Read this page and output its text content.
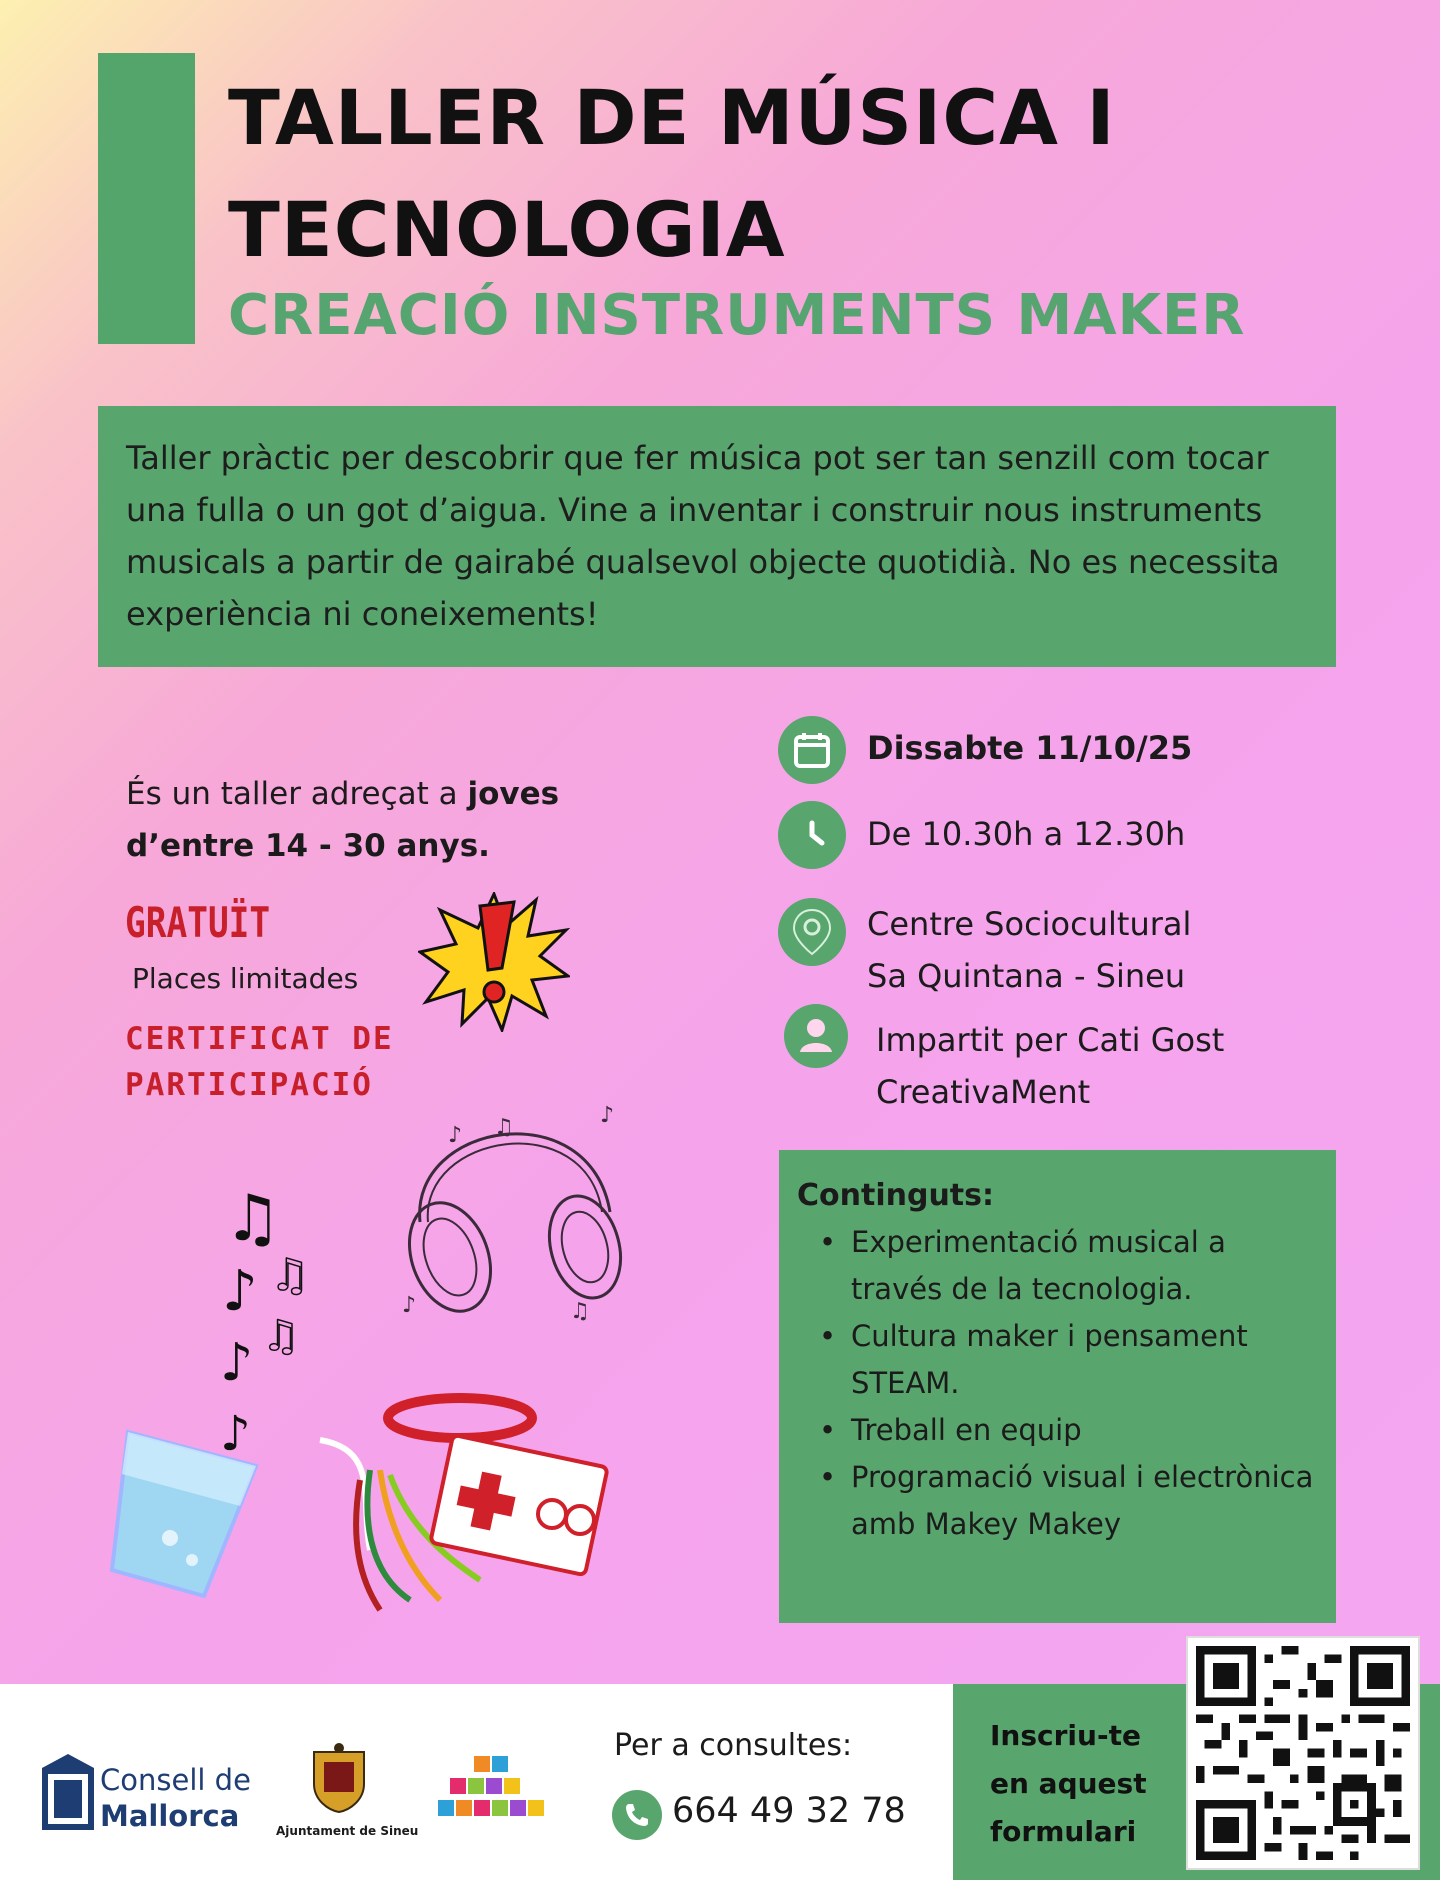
TALLER DE MÚSICA I TECNOLOGIA
CREACIÓ INSTRUMENTS MAKER

Taller pràctic per descobrir que fer música pot ser tan senzill com tocar una fulla o un got d’aigua. Vine a inventar i construir nous instruments musicals a partir de gairabé qualsevol objecte quotidià. No es necessita experiència ni coneixements!

És un taller adreçat a joves d’entre 14 - 30 anys.
GRATUÏT
Places limitades
CERTIFICAT DE PARTICIPACIÓ
♪ ♫	♪
♪	♫
♫
♪ ♫
♪ ♫
♪
Dissabte 11/10/25
De 10.30h a 12.30h
Centre Sociocultural
Sa Quintana - Sineu
Impartit per Cati Gost
CreativaMent
Continguts:
• Experimentació musical a través de la tecnologia.
• Cultura maker i pensament STEAM.
• Treball en equip
• Programació visual i electrònica amb Makey Makey
Consell de
Mallorca	Ajuntament de Sineu
Per a consultes:
664 49 32 78
Inscriu-te en aquest formulari
